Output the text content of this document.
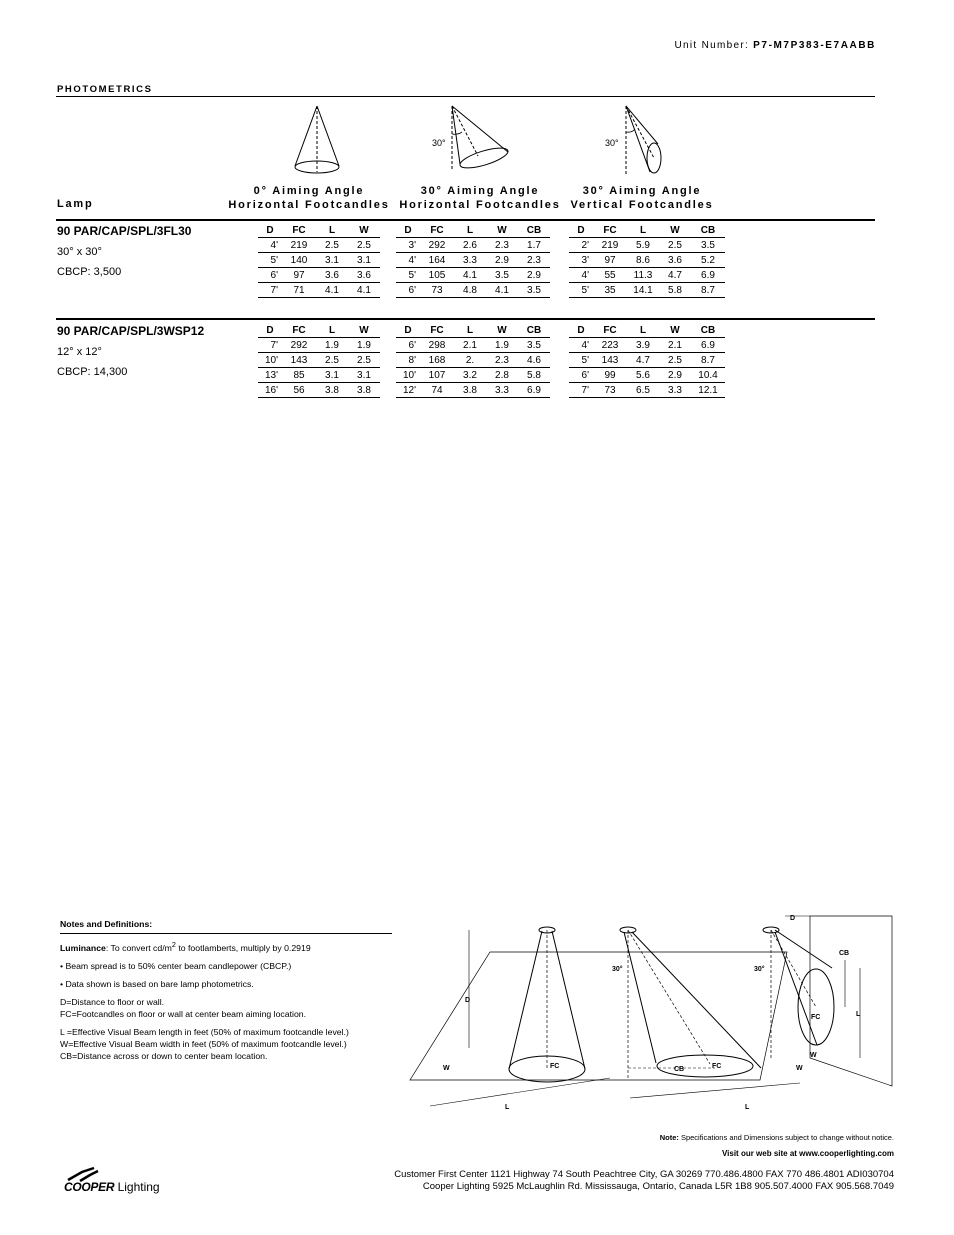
Unit Number: P7-M7P383-E7AABB
PHOTOMETRICS
30°	30°
Lamp
0° Aiming Angle
Horizontal Footcandles
30° Aiming Angle
Horizontal Footcandles
30° Aiming Angle
Vertical Footcandles
90 PAR/CAP/SPL/3FL30
30° x 30°
CBCP: 3,500
D	FC	L	W
4'	219	2.5	2.5
5'	140	3.1	3.1
6'	97	3.6	3.6
7'	71	4.1	4.1
D	FC	L	W	CB
3'	292	2.6	2.3	1.7
4'	164	3.3	2.9	2.3
5'	105	4.1	3.5	2.9
6'	73	4.8	4.1	3.5
D	FC	L	W	CB
2'	219	5.9	2.5	3.5
3'	97	8.6	3.6	5.2
4'	55	11.3	4.7	6.9
5'	35	14.1	5.8	8.7
90 PAR/CAP/SPL/3WSP12
12° x 12°
CBCP: 14,300
D	FC	L	W
7'	292	1.9	1.9
10'	143	2.5	2.5
13'	85	3.1	3.1
16'	56	3.8	3.8
D	FC	L	W	CB
6'	298	2.1	1.9	3.5
8'	168	2.	2.3	4.6
10'	107	3.2	2.8	5.8
12'	74	3.8	3.3	6.9
D	FC	L	W	CB
4'	223	3.9	2.1	6.9
5'	143	4.7	2.5	8.7
6'	99	5.6	2.9	10.4
7'	73	6.5	3.3	12.1
Notes and Definitions:

Luminance: To convert $cd/m^2$ to footlamberts, multiply by 0.2919

• Beam spread is to 50% center beam candlepower (CBCP.)

• Data shown is based on bare lamp photometrics.

D=Distance to floor or wall.

FC=Footcandles on floor or wall at center beam aiming location.

L =Effective Visual Beam length in feet (50% of maximum footcandle level.)
W=Effective Visual Beam width in feet (50% of maximum footcandle level.)
CB=Distance across or down to center beam location.
D
FC
W
L
30°
CB	FC
L
D
30°
CB
L
FC
W
W
Note: Specifications and Dimensions subject to change without notice.
Visit our web site at www.cooperlighting.com
Customer First Center 1121 Highway 74 South Peachtree City, GA 30269 770.486.4800 FAX 770 486.4801 ADI030704
Cooper Lighting 5925 McLaughlin Rd. Mississauga, Ontario, Canada L5R 1B8 905.507.4000 FAX 905.568.7049
COOPER Lighting
